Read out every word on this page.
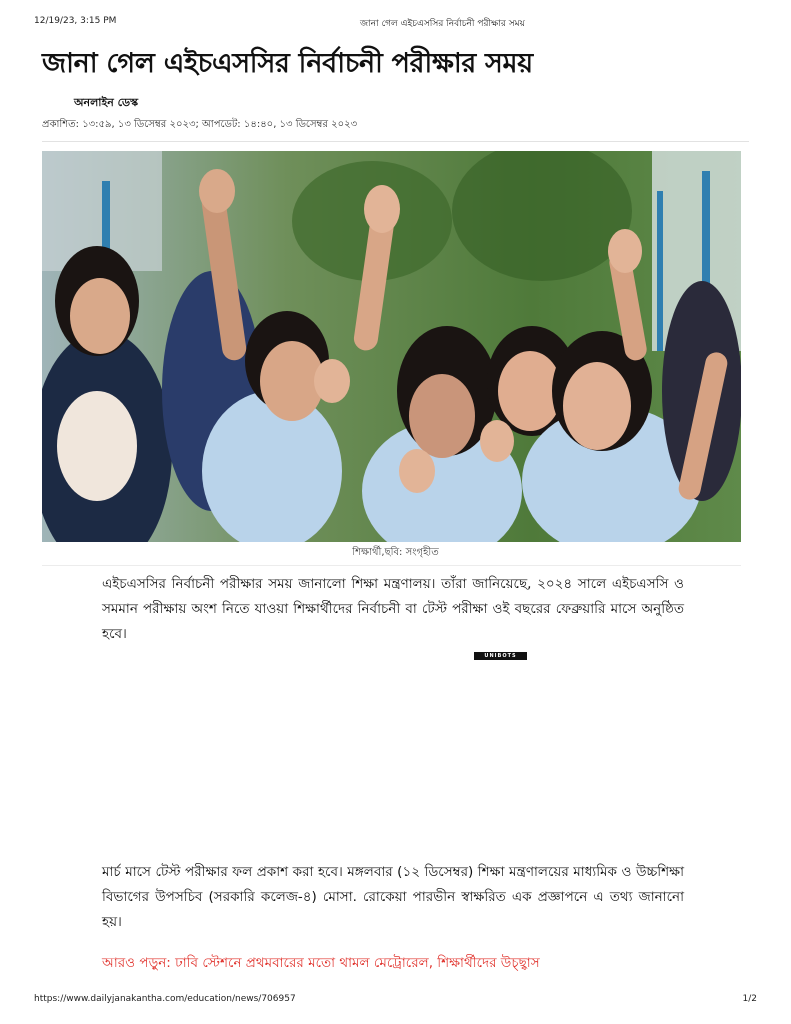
12/19/23, 3:15 PM	জানা গেল এইচএসসির নির্বাচনী পরীক্ষার সময়
জানা গেল এইচএসসির নির্বাচনী পরীক্ষার সময়
অনলাইন ডেস্ক
প্রকাশিত: ১৩:৫৯, ১৩ ডিসেম্বর ২০২৩; আপডেট: ১৪:৪০, ১৩ ডিসেম্বর ২০২৩
শিক্ষার্থী,ছবি: সংগৃহীত

এইচএসসির নির্বাচনী পরীক্ষার সময় জানালো শিক্ষা মন্ত্রণালয়। তাঁরা জানিয়েছে, ২০২৪ সালে এইচএসসি ও সমমান পরীক্ষায় অংশ নিতে যাওয়া শিক্ষার্থীদের নির্বাচনী বা টেস্ট পরীক্ষা ওই বছরের ফেব্রুয়ারি মাসে অনুষ্ঠিত হবে।

UNIBOTS

মার্চ মাসে টেস্ট পরীক্ষার ফল প্রকাশ করা হবে। মঙ্গলবার (১২ ডিসেম্বর) শিক্ষা মন্ত্রণালয়ের মাধ্যমিক ও উচ্চশিক্ষা বিভাগের উপসচিব (সরকারি কলেজ-৪) মোসা. রোকেয়া পারভীন স্বাক্ষরিত এক প্রজ্ঞাপনে এ তথ্য জানানো হয়।

আরও পড়ুন: ঢাবি স্টেশনে প্রথমবারের মতো থামল মেট্রোরেল, শিক্ষার্থীদের উচ্ছ্বাস
https://www.dailyjanakantha.com/education/news/706957	1/2
